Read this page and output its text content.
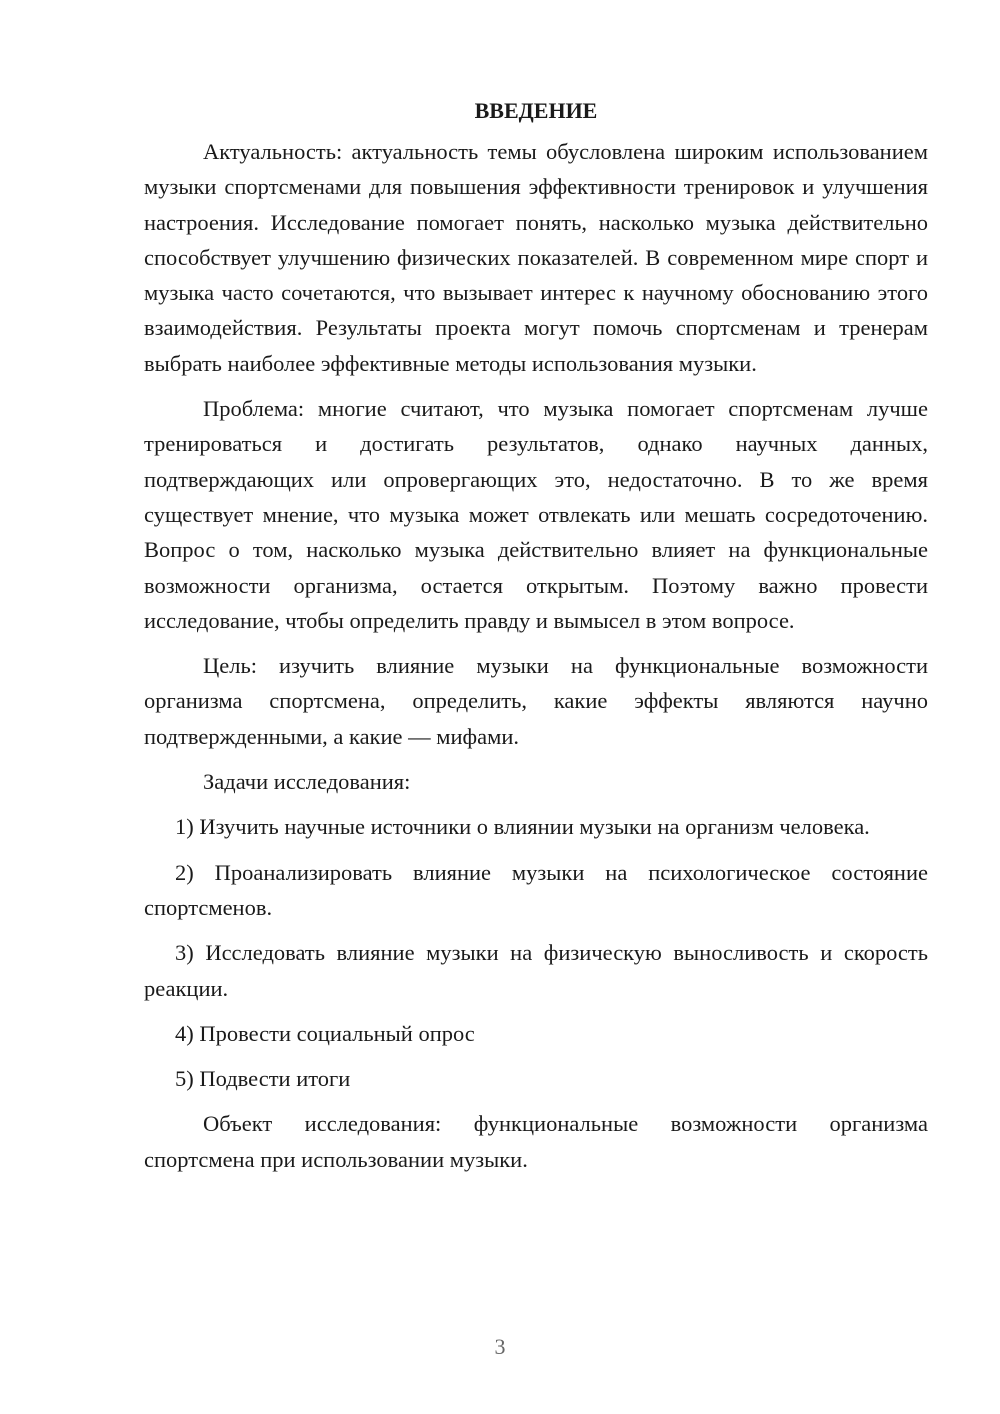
ВВЕДЕНИЕ

Актуальность: актуальность темы обусловлена широким использованием музыки спортсменами для повышения эффективности тренировок и улучшения настроения. Исследование помогает понять, насколько музыка действительно способствует улучшению физических показателей. В современном мире спорт и музыка часто сочетаются, что вызывает интерес к научному обоснованию этого взаимодействия. Результаты проекта могут помочь спортсменам и тренерам выбрать наиболее эффективные методы использования музыки.

Проблема: многие считают, что музыка помогает спортсменам лучше тренироваться и достигать результатов, однако научных данных, подтверждающих или опровергающих это, недостаточно. В то же время существует мнение, что музыка может отвлекать или мешать сосредоточению. Вопрос о том, насколько музыка действительно влияет на функциональные возможности организма, остается открытым. Поэтому важно провести исследование, чтобы определить правду и вымысел в этом вопросе.

Цель: изучить влияние музыки на функциональные возможности организма спортсмена, определить, какие эффекты являются научно подтвержденными, а какие — мифами.

Задачи исследования:

1) Изучить научные источники о влиянии музыки на организм человека.

2) Проанализировать влияние музыки на психологическое состояние спортсменов.

3) Исследовать влияние музыки на физическую выносливость и скорость реакции.

4) Провести социальный опрос

5) Подвести итоги

Объект исследования: функциональные возможности организма спортсмена при использовании музыки.

3
